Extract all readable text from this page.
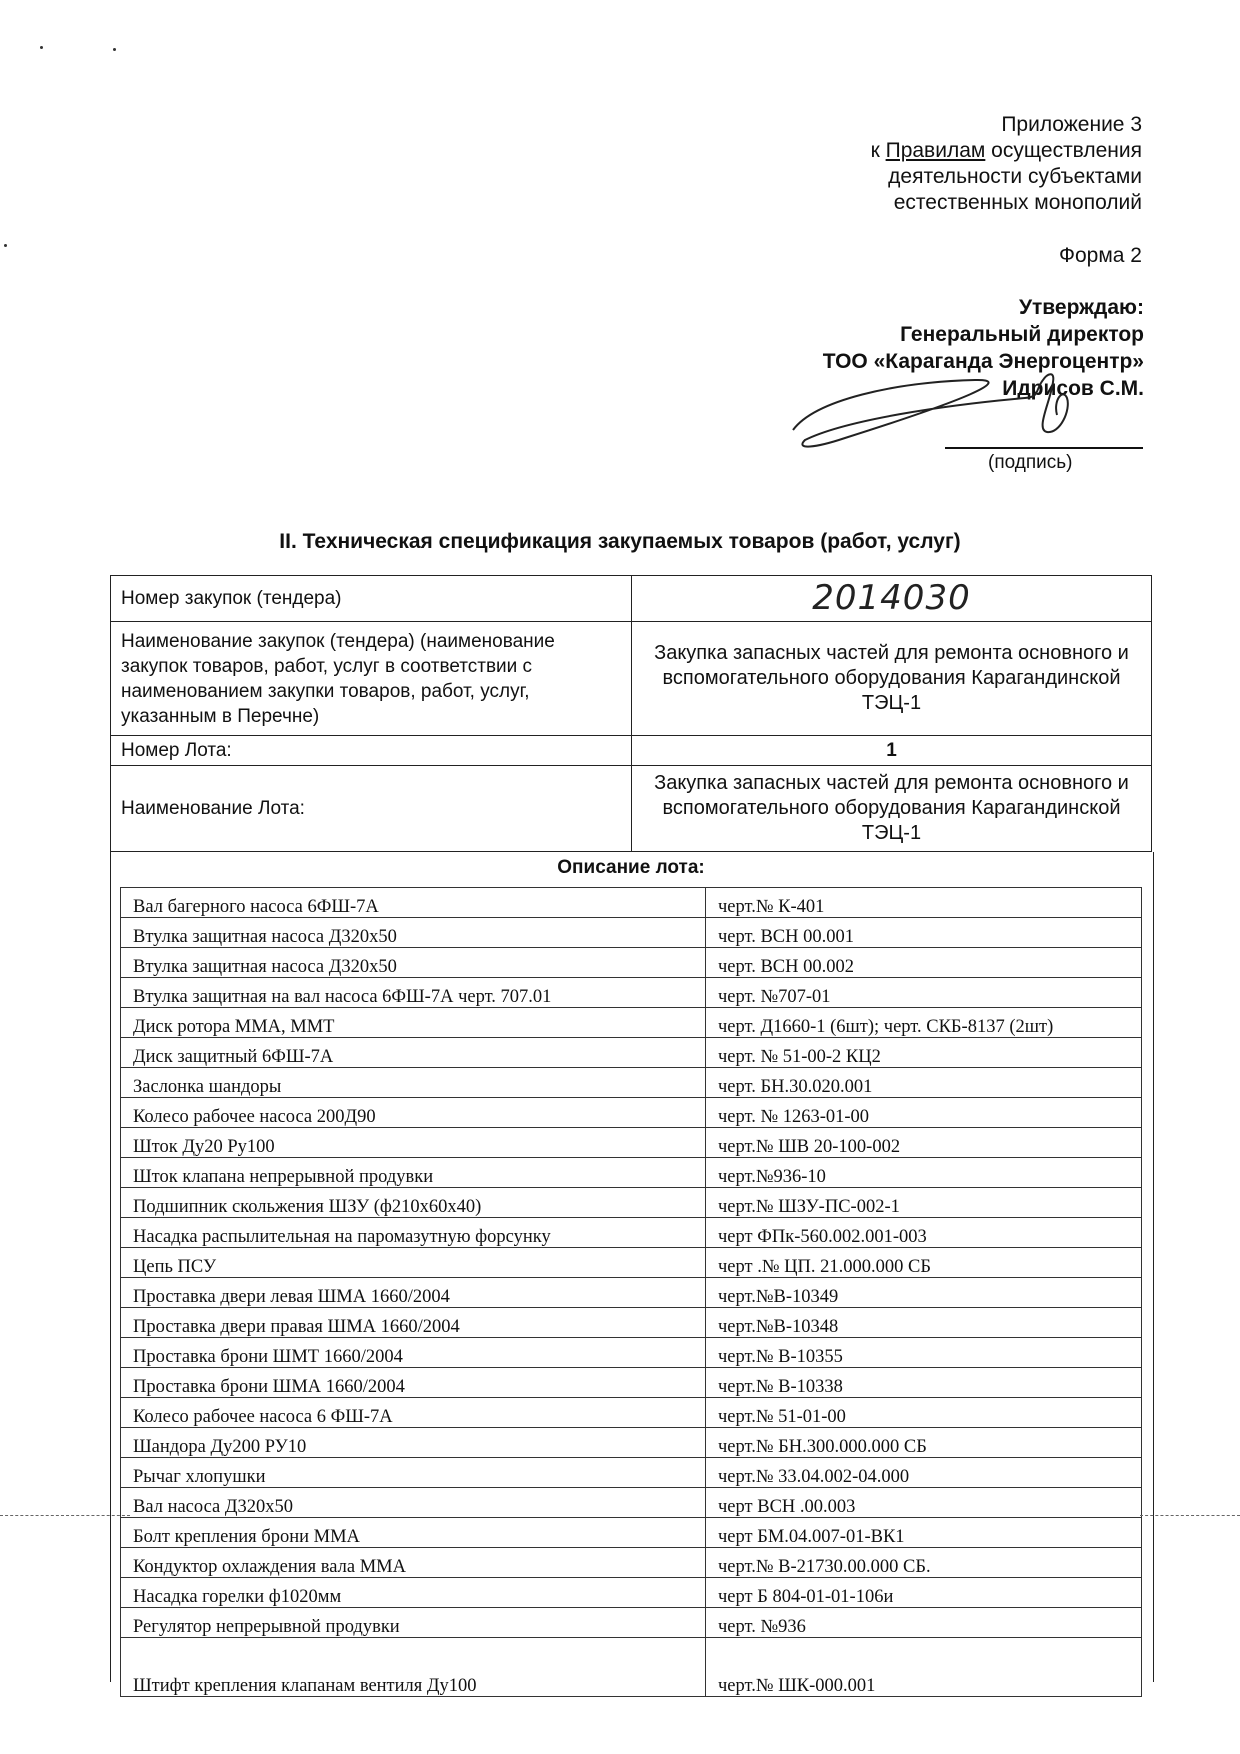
Приложение 3
к Правилам осуществления
деятельности субъектами
естественных монополий
Форма 2
Утверждаю:
Генеральный директор
ТОО «Караганда Энергоцентр»
Идрисов С.М.
(подпись)
II. Техническая спецификация закупаемых товаров (работ, услуг)
Номер закупок (тендера)	2014030
Наименование закупок (тендера) (наименование закупок товаров, работ, услуг в соответствии с наименованием закупки товаров, работ, услуг, указанным в Перечне)	Закупка запасных частей для ремонта основного и вспомогательного оборудования Карагандинской ТЭЦ-1
Номер Лота:	1
Наименование Лота:	Закупка запасных частей для ремонта основного и вспомогательного оборудования Карагандинской ТЭЦ-1
Описание лота:
Вал багерного насоса 6ФШ-7А	черт.№ К-401
Втулка защитная насоса Д320х50	черт. ВСН 00.001
Втулка защитная насоса Д320х50	черт. ВСН 00.002
Втулка защитная на вал насоса 6ФШ-7А черт. 707.01	черт. №707-01
Диск ротора ММА, ММТ	черт. Д1660-1 (6шт); черт. СКБ-8137 (2шт)
Диск защитный 6ФШ-7А	черт. № 51-00-2 КЦ2
Заслонка шандоры	черт. БН.30.020.001
Колесо рабочее насоса 200Д90	черт. № 1263-01-00
Шток Ду20 Ру100	черт.№ ШВ 20-100-002
Шток клапана непрерывной продувки	черт.№936-10
Подшипник скольжения ШЗУ (ф210х60х40)	черт.№ ШЗУ-ПС-002-1
Насадка распылительная на паромазутную форсунку	черт ФПк-560.002.001-003
Цепь ПСУ	черт .№ ЦП. 21.000.000 СБ
Проставка двери левая ШМА 1660/2004	черт.№В-10349
Проставка двери правая ШМА 1660/2004	черт.№В-10348
Проставка брони ШМТ 1660/2004	черт.№ В-10355
Проставка брони ШМА 1660/2004	черт.№ В-10338
Колесо рабочее насоса 6 ФШ-7А	черт.№ 51-01-00
Шандора Ду200 РУ10	черт.№ БН.300.000.000 СБ
Рычаг хлопушки	черт.№ 33.04.002-04.000
Вал насоса Д320х50	черт ВСН .00.003
Болт крепления брони ММА	черт БМ.04.007-01-ВК1
Кондуктор охлаждения вала ММА	черт.№ В-21730.00.000 СБ.
Насадка горелки ф1020мм	черт Б 804-01-01-106и
Регулятор непрерывной продувки	черт. №936
Штифт крепления клапанам вентиля Ду100	черт.№ ШК-000.001
